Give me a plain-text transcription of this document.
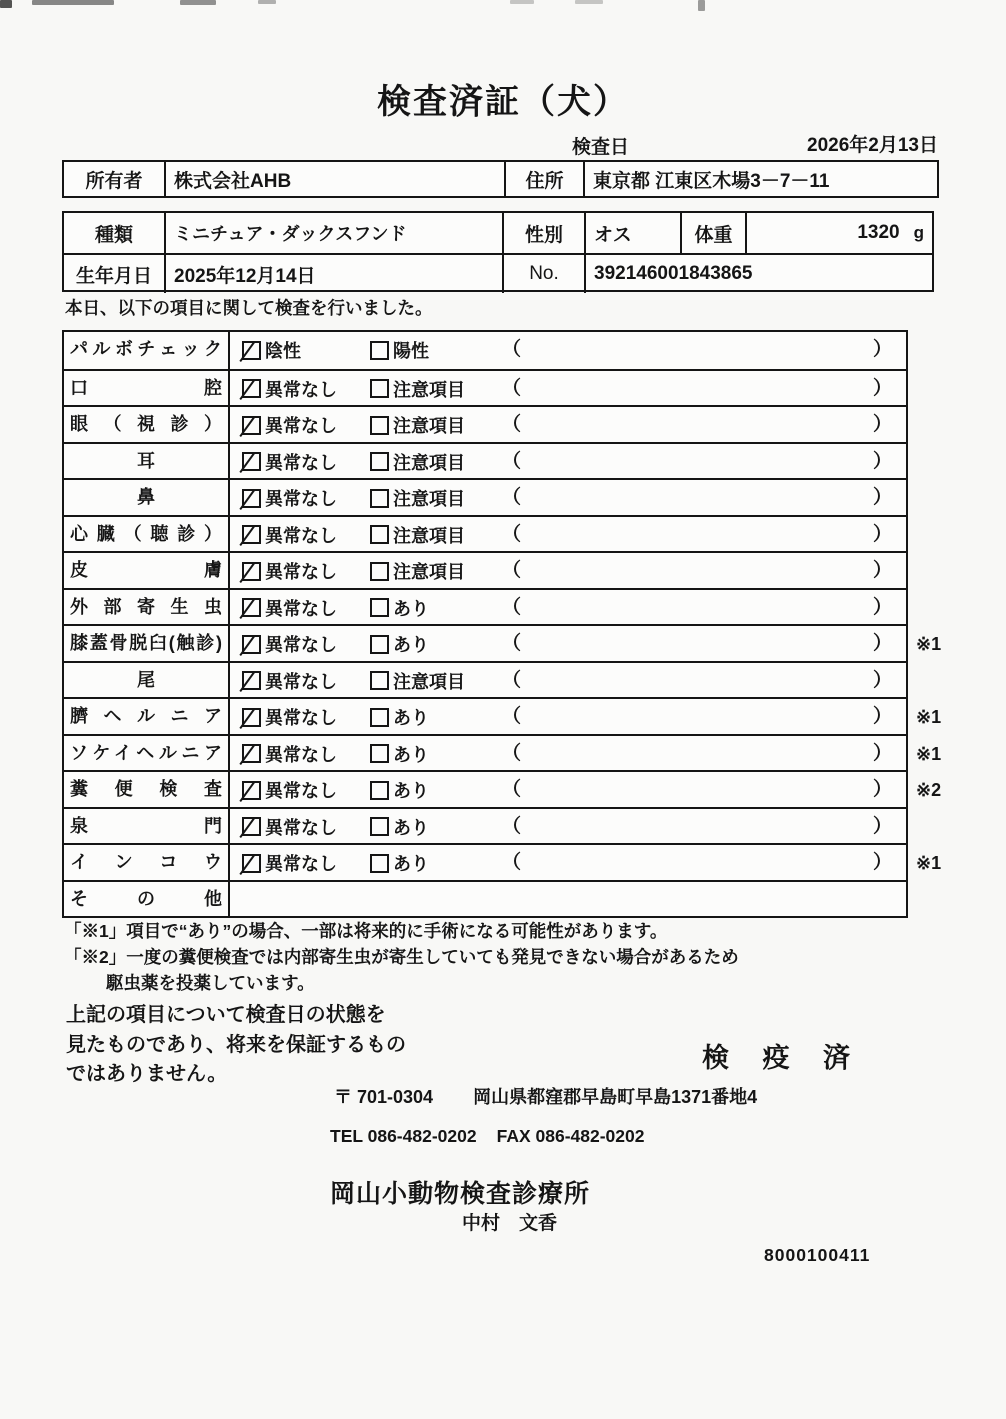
検査済証（犬）
検査日	2026年2月13日
所有者	株式会社AHB	住所	東京都 江東区木場3－7－11
種類	ミニチュア・ダックスフンド	性別	オス	体重	1320 g
生年月日	2025年12月14日	No.	392146001843865
本日、以下の項目に関して検査を行いました。
パルボチェック	陰性	陽性	（	）
口腔	異常なし	注意項目 （	）
眼（視診）	異常なし	注意項目 （	）
耳	異常なし	注意項目 （	）
鼻	異常なし	注意項目 （	）
心臓（聴診）	異常なし	注意項目 （	）
皮膚	異常なし	注意項目 （	）
外部寄生虫	異常なし	あり	（	）
膝蓋骨脱臼(触診)	異常なし	あり	（	） ※1
尾	異常なし	注意項目 （	）
臍ヘルニア	異常なし	あり	（	） ※1
ソケイヘルニア	異常なし	あり	（	） ※1
糞便検査	異常なし	あり	（	） ※2
泉門	異常なし	あり	（	）
インコウ	異常なし	あり	（	） ※1
その他
「※1」項目で“あり”の場合、一部は将来的に手術になる可能性があります。
「※2」一度の糞便検査では内部寄生虫が寄生していても発見できない場合があるため
駆虫薬を投薬しています。
上記の項目について検査日の状態を
見たものであり、将来を保証するもの
ではありません。
検 疫 済
〒 701-0304 岡山県都窪郡早島町早島1371番地4
TEL 086-482-0202 FAX 086-482-0202
岡山小動物検査診療所
中村　文香
8000100411
